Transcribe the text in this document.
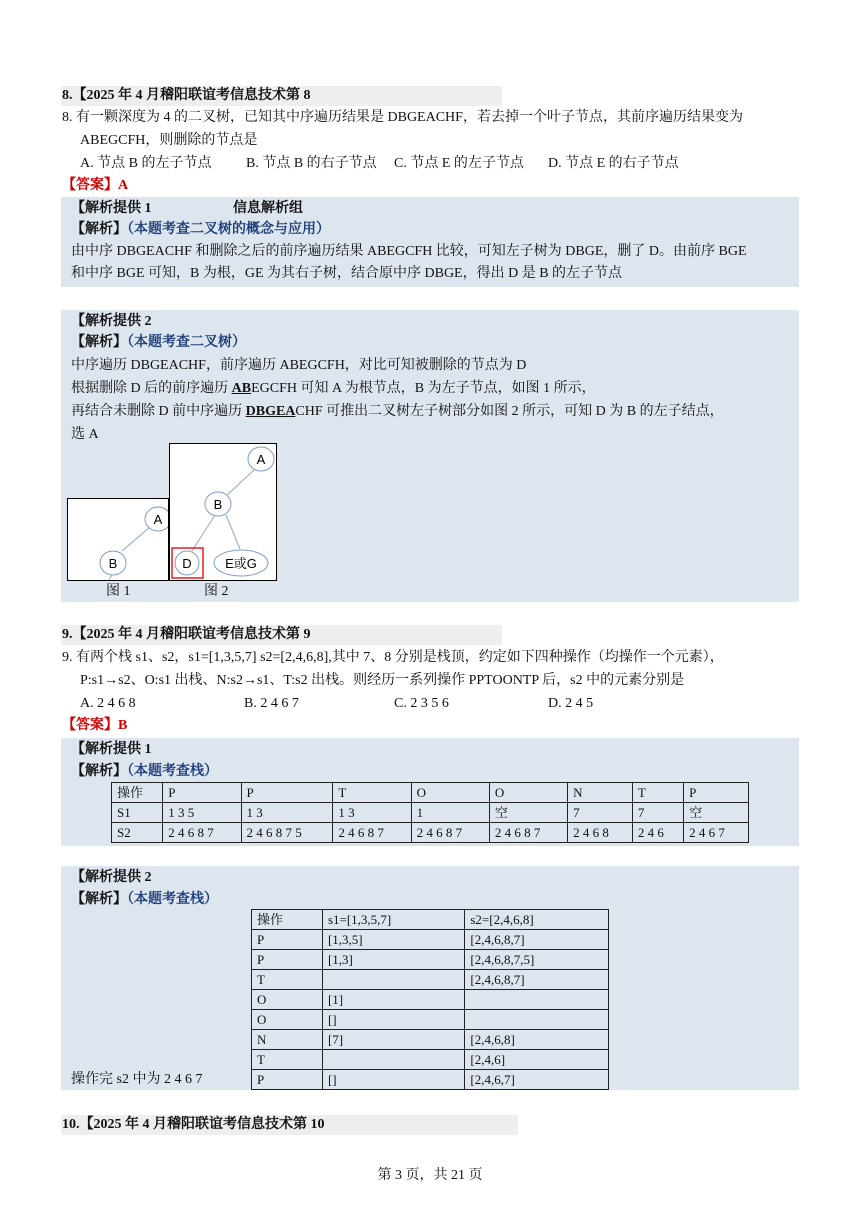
8.【2025 年 4 月稽阳联谊考信息技术第 8
8. 有一颗深度为 4 的二叉树，已知其中序遍历结果是 DBGEACHF，若去掉一个叶子节点，其前序遍历结果变为
ABEGCFH，则删除的节点是
A. 节点 B 的左子节点 B. 节点 B 的右子节点 C. 节点 E 的左子节点 D. 节点 E 的右子节点
【答案】A
【解析提供 1	信息解析组
【解析】（本题考查二叉树的概念与应用）
由中序 DBGEACHF 和删除之后的前序遍历结果 ABEGCFH 比较，可知左子树为 DBGE，删了 D。由前序 BGE
和中序 BGE 可知，B 为根，GE 为其右子树，结合原中序 DBGE，得出 D 是 B 的左子节点
【解析提供 2
【解析】（本题考查二叉树）
中序遍历 DBGEACHF，前序遍历 ABEGCFH，对比可知被删除的节点为 D
根据删除 D 后的前序遍历 ABEGCFH 可知 A 为根节点，B 为左子节点，如图 1 所示，
再结合未删除 D 前中序遍历 DBGEACHF 可推出二叉树左子树部分如图 2 所示，可知 D 为 B 的左子结点，
选 A
A
B
图 1
A
B
D	E或G
图 2
9.【2025 年 4 月稽阳联谊考信息技术第 9
9. 有两个栈 s1、s2，s1=[1,3,5,7] s2=[2,4,6,8],其中 7、8 分别是栈顶，约定如下四种操作（均操作一个元素），
P:s1→s2、O:s1 出栈、N:s2→s1、T:s2 出栈。则经历一系列操作 PPTOONTP 后，s2 中的元素分别是
A. 2 4 6 8	B. 2 4 6 7	C. 2 3 5 6	D. 2 4 5
【答案】B
【解析提供 1
【解析】（本题考查栈）
操作	P	P	T	O	O	N	T	P
S1	1 3 5	1 3	1 3	1	空	7	7	空
S2	2 4 6 8 7	2 4 6 8 7 5	2 4 6 8 7	2 4 6 8 7	2 4 6 8 7	2 4 6 8	2 4 6	2 4 6 7
【解析提供 2
【解析】（本题考查栈）
操作完 s2 中为 2 4 6 7
操作	s1=[1,3,5,7]	s2=[2,4,6,8]
P	[1,3,5]	[2,4,6,8,7]
P	[1,3]	[2,4,6,8,7,5]
T		[2,4,6,8,7]
O	[1]	
O	[]	
N	[7]	[2,4,6,8]
T		[2,4,6]
P	[]	[2,4,6,7]
10.【2025 年 4 月稽阳联谊考信息技术第 10
第 3 页，共 21 页
